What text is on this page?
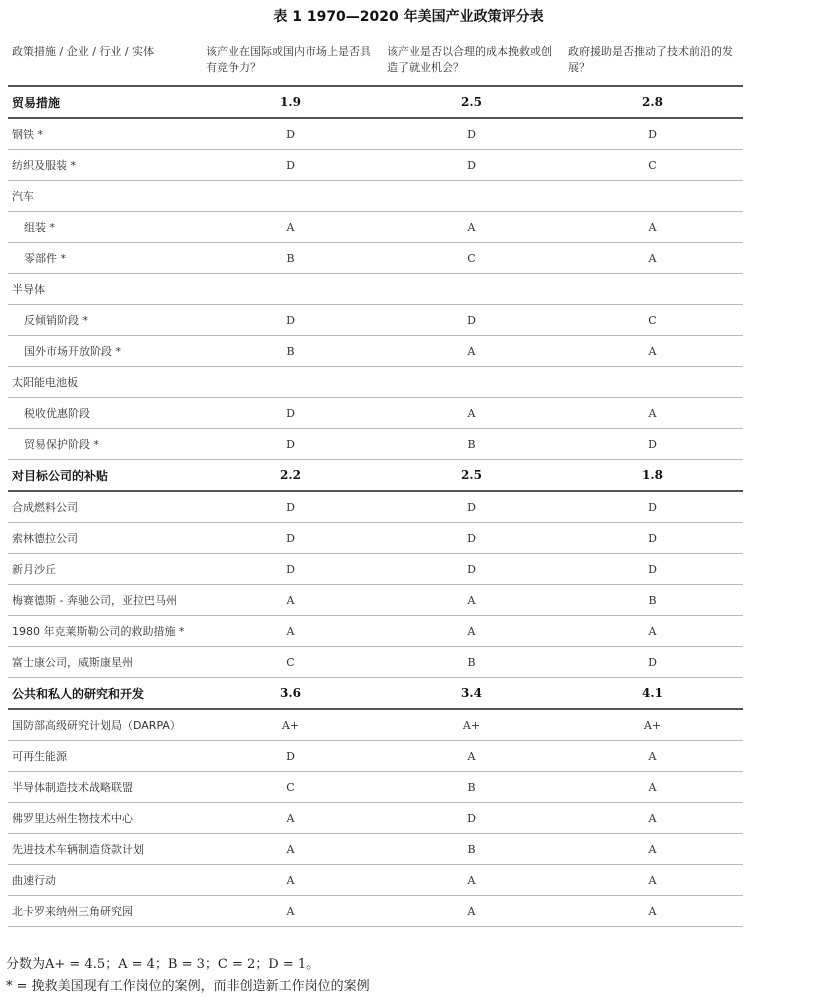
表 1 1970—2020 年美国产业政策评分表
政策措施 / 企业 / 行业 / 实体	该产业在国际或国内市场上是否具有竞争力？	该产业是否以合理的成本挽救或创造了就业机会？	政府援助是否推动了技术前沿的发展？
贸易措施	1.9	2.5	2.8
钢铁 *	D	D	D
纺织及服装 *	D	D	C
汽车			
组装 *	A	A	A
零部件 *	B	C	A
半导体			
反倾销阶段 *	D	D	C
国外市场开放阶段 *	B	A	A
太阳能电池板			
税收优惠阶段	D	A	A
贸易保护阶段 *	D	B	D
对目标公司的补贴	2.2	2.5	1.8
合成燃料公司	D	D	D
索林德拉公司	D	D	D
新月沙丘	D	D	D
梅赛德斯 - 奔驰公司，亚拉巴马州	A	A	B
1980 年克莱斯勒公司的救助措施 *	A	A	A
富士康公司，威斯康星州	C	B	D
公共和私人的研究和开发	3.6	3.4	4.1
国防部高级研究计划局（DARPA）	A+	A+	A+
可再生能源	D	A	A
半导体制造技术战略联盟	C	B	A
佛罗里达州生物技术中心	A	D	A
先进技术车辆制造贷款计划	A	B	A
曲速行动	A	A	A
北卡罗来纳州三角研究园	A	A	A
分数为A+ = 4.5；A = 4；B = 3；C = 2；D = 1。
* = 挽救美国现有工作岗位的案例，而非创造新工作岗位的案例
